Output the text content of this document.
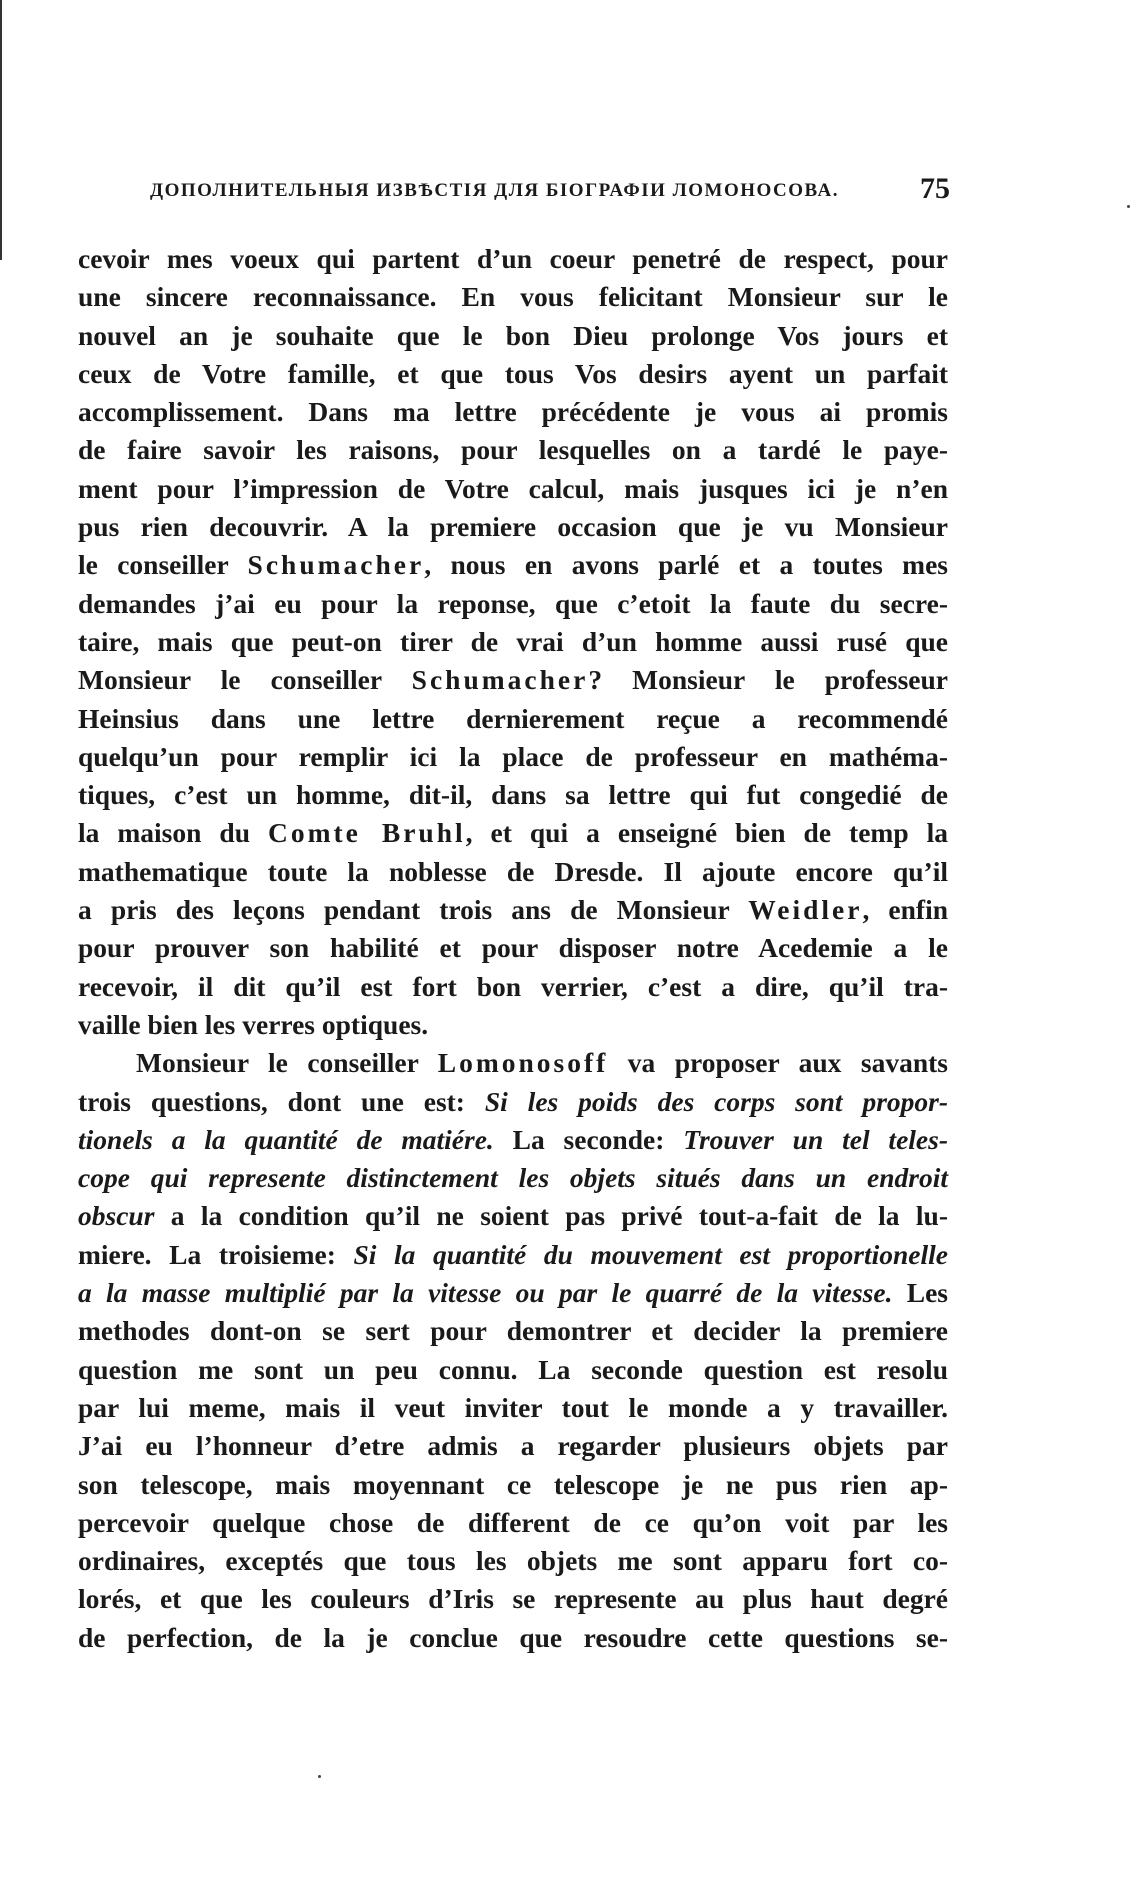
ДОПОЛНИТЕЛЬНЫЯ ИЗВѢСТІЯ ДЛЯ БІОГРАФІИ ЛОМОНОСОВА.	75
cevoir mes voeux qui partent d’un coeur penetré de respect, pour
une sincere reconnaissance. En vous felicitant Monsieur sur le
nouvel an je souhaite que le bon Dieu prolonge Vos jours et
ceux de Votre famille, et que tous Vos desirs ayent un parfait
accomplissement. Dans ma lettre précédente je vous ai promis
de faire savoir les raisons, pour lesquelles on a tardé le paye-
ment pour l’impression de Votre calcul, mais jusques ici je n’en
pus rien decouvrir. A la premiere occasion que je vu Monsieur
le conseiller Schumacher, nous en avons parlé et a toutes mes
demandes j’ai eu pour la reponse, que c’etoit la faute du secre-
taire, mais que peut-on tirer de vrai d’un homme aussi rusé que
Monsieur le conseiller Schumacher? Monsieur le professeur
Heinsius dans une lettre dernierement reçue a recommendé
quelqu’un pour remplir ici la place de professeur en mathéma-
tiques, c’est un homme, dit-il, dans sa lettre qui fut congedié de
la maison du Comte Bruhl, et qui a enseigné bien de temp la
mathematique toute la noblesse de Dresde. Il ajoute encore qu’il
a pris des leçons pendant trois ans de Monsieur Weidler, enfin
pour prouver son habilité et pour disposer notre Acedemie a le
recevoir, il dit qu’il est fort bon verrier, c’est a dire, qu’il tra-
vaille bien les verres optiques.
Monsieur le conseiller Lomonosoff va proposer aux savants
trois questions, dont une est: Si les poids des corps sont propor-
tionels a la quantité de matiére. La seconde: Trouver un tel teles-
cope qui represente distinctement les objets situés dans un endroit
obscur a la condition qu’il ne soient pas privé tout-a-fait de la lu-
miere. La troisieme: Si la quantité du mouvement est proportionelle
a la masse multiplié par la vitesse ou par le quarré de la vitesse. Les
methodes dont-on se sert pour demontrer et decider la premiere
question me sont un peu connu. La seconde question est resolu
par lui meme, mais il veut inviter tout le monde a y travailler.
J’ai eu l’honneur d’etre admis a regarder plusieurs objets par
son telescope, mais moyennant ce telescope je ne pus rien ap-
percevoir quelque chose de different de ce qu’on voit par les
ordinaires, exceptés que tous les objets me sont apparu fort co-
lorés, et que les couleurs d’Iris se represente au plus haut degré
de perfection, de la je conclue que resoudre cette questions se-
